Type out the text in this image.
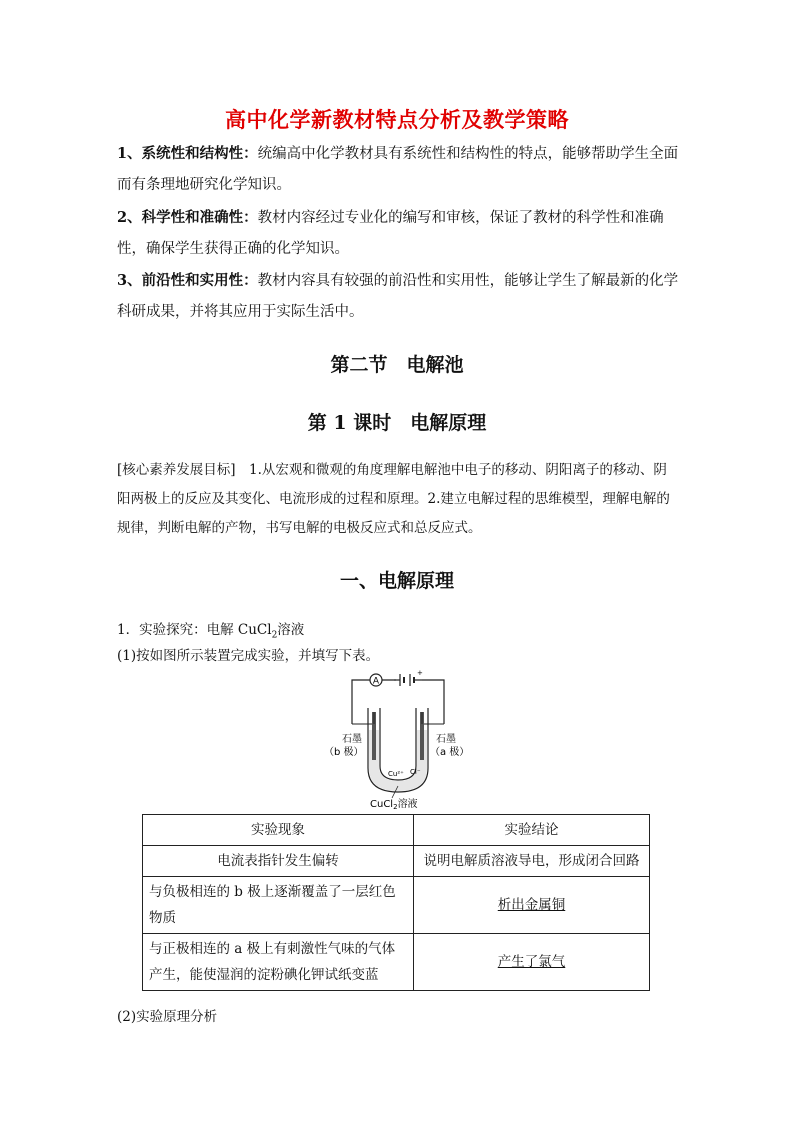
高中化学新教材特点分析及教学策略
1、系统性和结构性：统编高中化学教材具有系统性和结构性的特点，能够帮助学生全面而有条理地研究化学知识。
2、科学性和准确性：教材内容经过专业化的编写和审核，保证了教材的科学性和准确性，确保学生获得正确的化学知识。
3、前沿性和实用性：教材内容具有较强的前沿性和实用性，能够让学生了解最新的化学科研成果，并将其应用于实际生活中。
第二节　电解池
第 1 课时　电解原理
[核心素养发展目标]　1.从宏观和微观的角度理解电解池中电子的移动、阴阳离子的移动、阴阳两极上的反应及其变化、电流形成的过程和原理。2.建立电解过程的思维模型，理解电解的规律，判断电解的产物，书写电解的电极反应式和总反应式。
一、电解原理
1．实验探究：电解 CuCl$_2$溶液
(1)按如图所示装置完成实验，并填写下表。
A
+
石墨
（b 极）
石墨
（a 极）
Cu²⁺ Cl⁻
CuCl$_2$溶液
实验现象	实验结论
电流表指针发生偏转	说明电解质溶液导电，形成闭合回路
与负极相连的 b 极上逐渐覆盖了一层红色物质	析出金属铜
与正极相连的 a 极上有刺激性气味的气体产生，能使湿润的淀粉碘化钾试纸变蓝	产生了氯气
(2)实验原理分析
